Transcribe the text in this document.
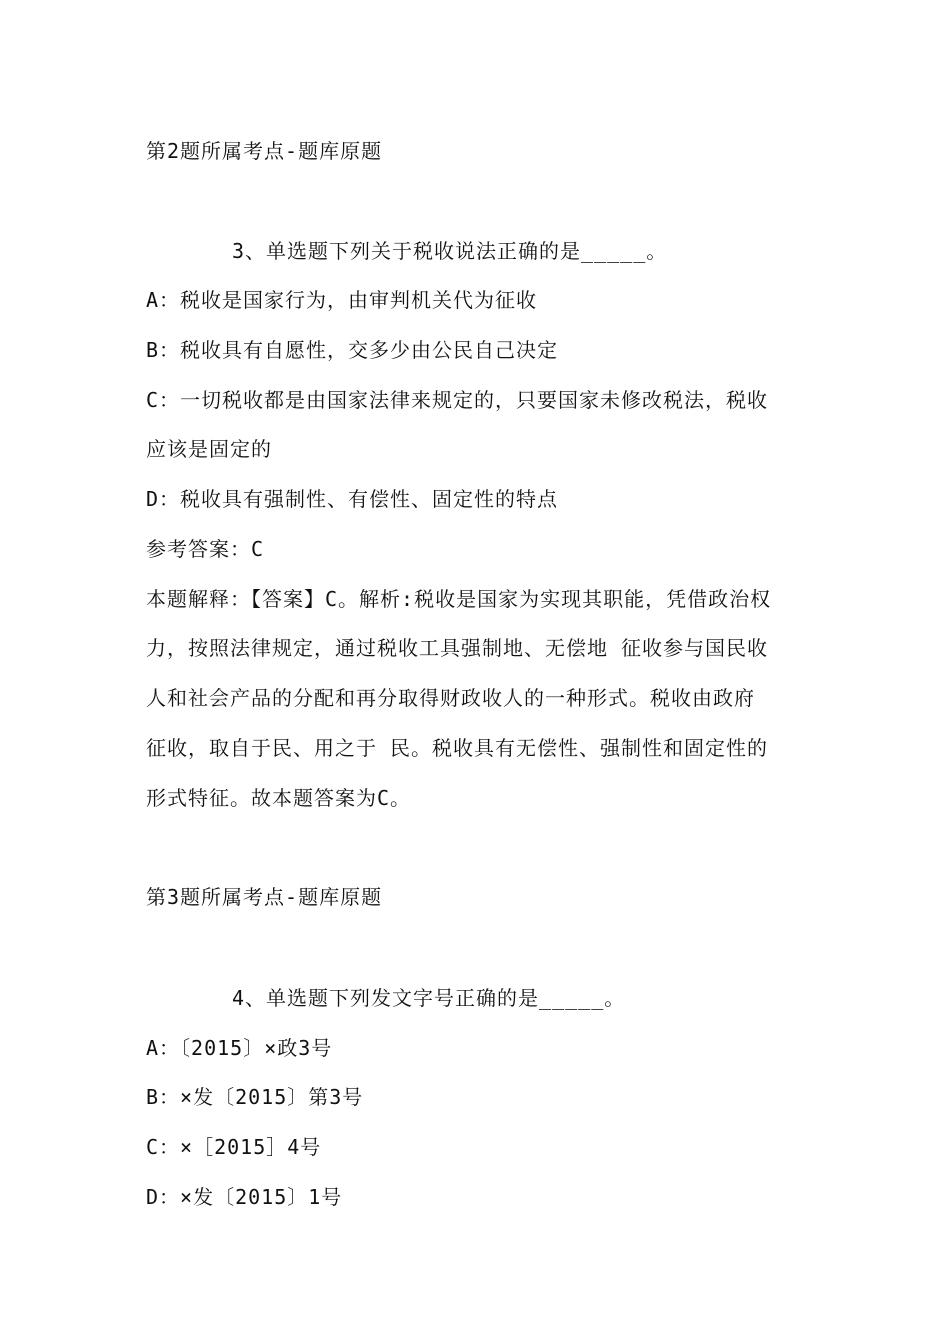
第2题所属考点-题库原题
3、单选题下列关于税收说法正确的是_____。
A：税收是国家行为，由审判机关代为征收
B：税收具有自愿性，交多少由公民自己决定
C：一切税收都是由国家法律来规定的，只要国家未修改税法，税收
应该是固定的
D：税收具有强制性、有偿性、固定性的特点
参考答案：C
本题解释：【答案】C。解析:税收是国家为实现其职能，凭借政治权
力，按照法律规定，通过税收工具强制地、无偿地 征收参与国民收
人和社会产品的分配和再分取得财政收人的一种形式。税收由政府
征收，取自于民、用之于 民。税收具有无偿性、强制性和固定性的
形式特征。故本题答案为C。
第3题所属考点-题库原题
4、单选题下列发文字号正确的是_____。
A：〔2015〕×政3号
B：×发〔2015〕第3号
C：×［2015］4号
D：×发〔2015〕1号
